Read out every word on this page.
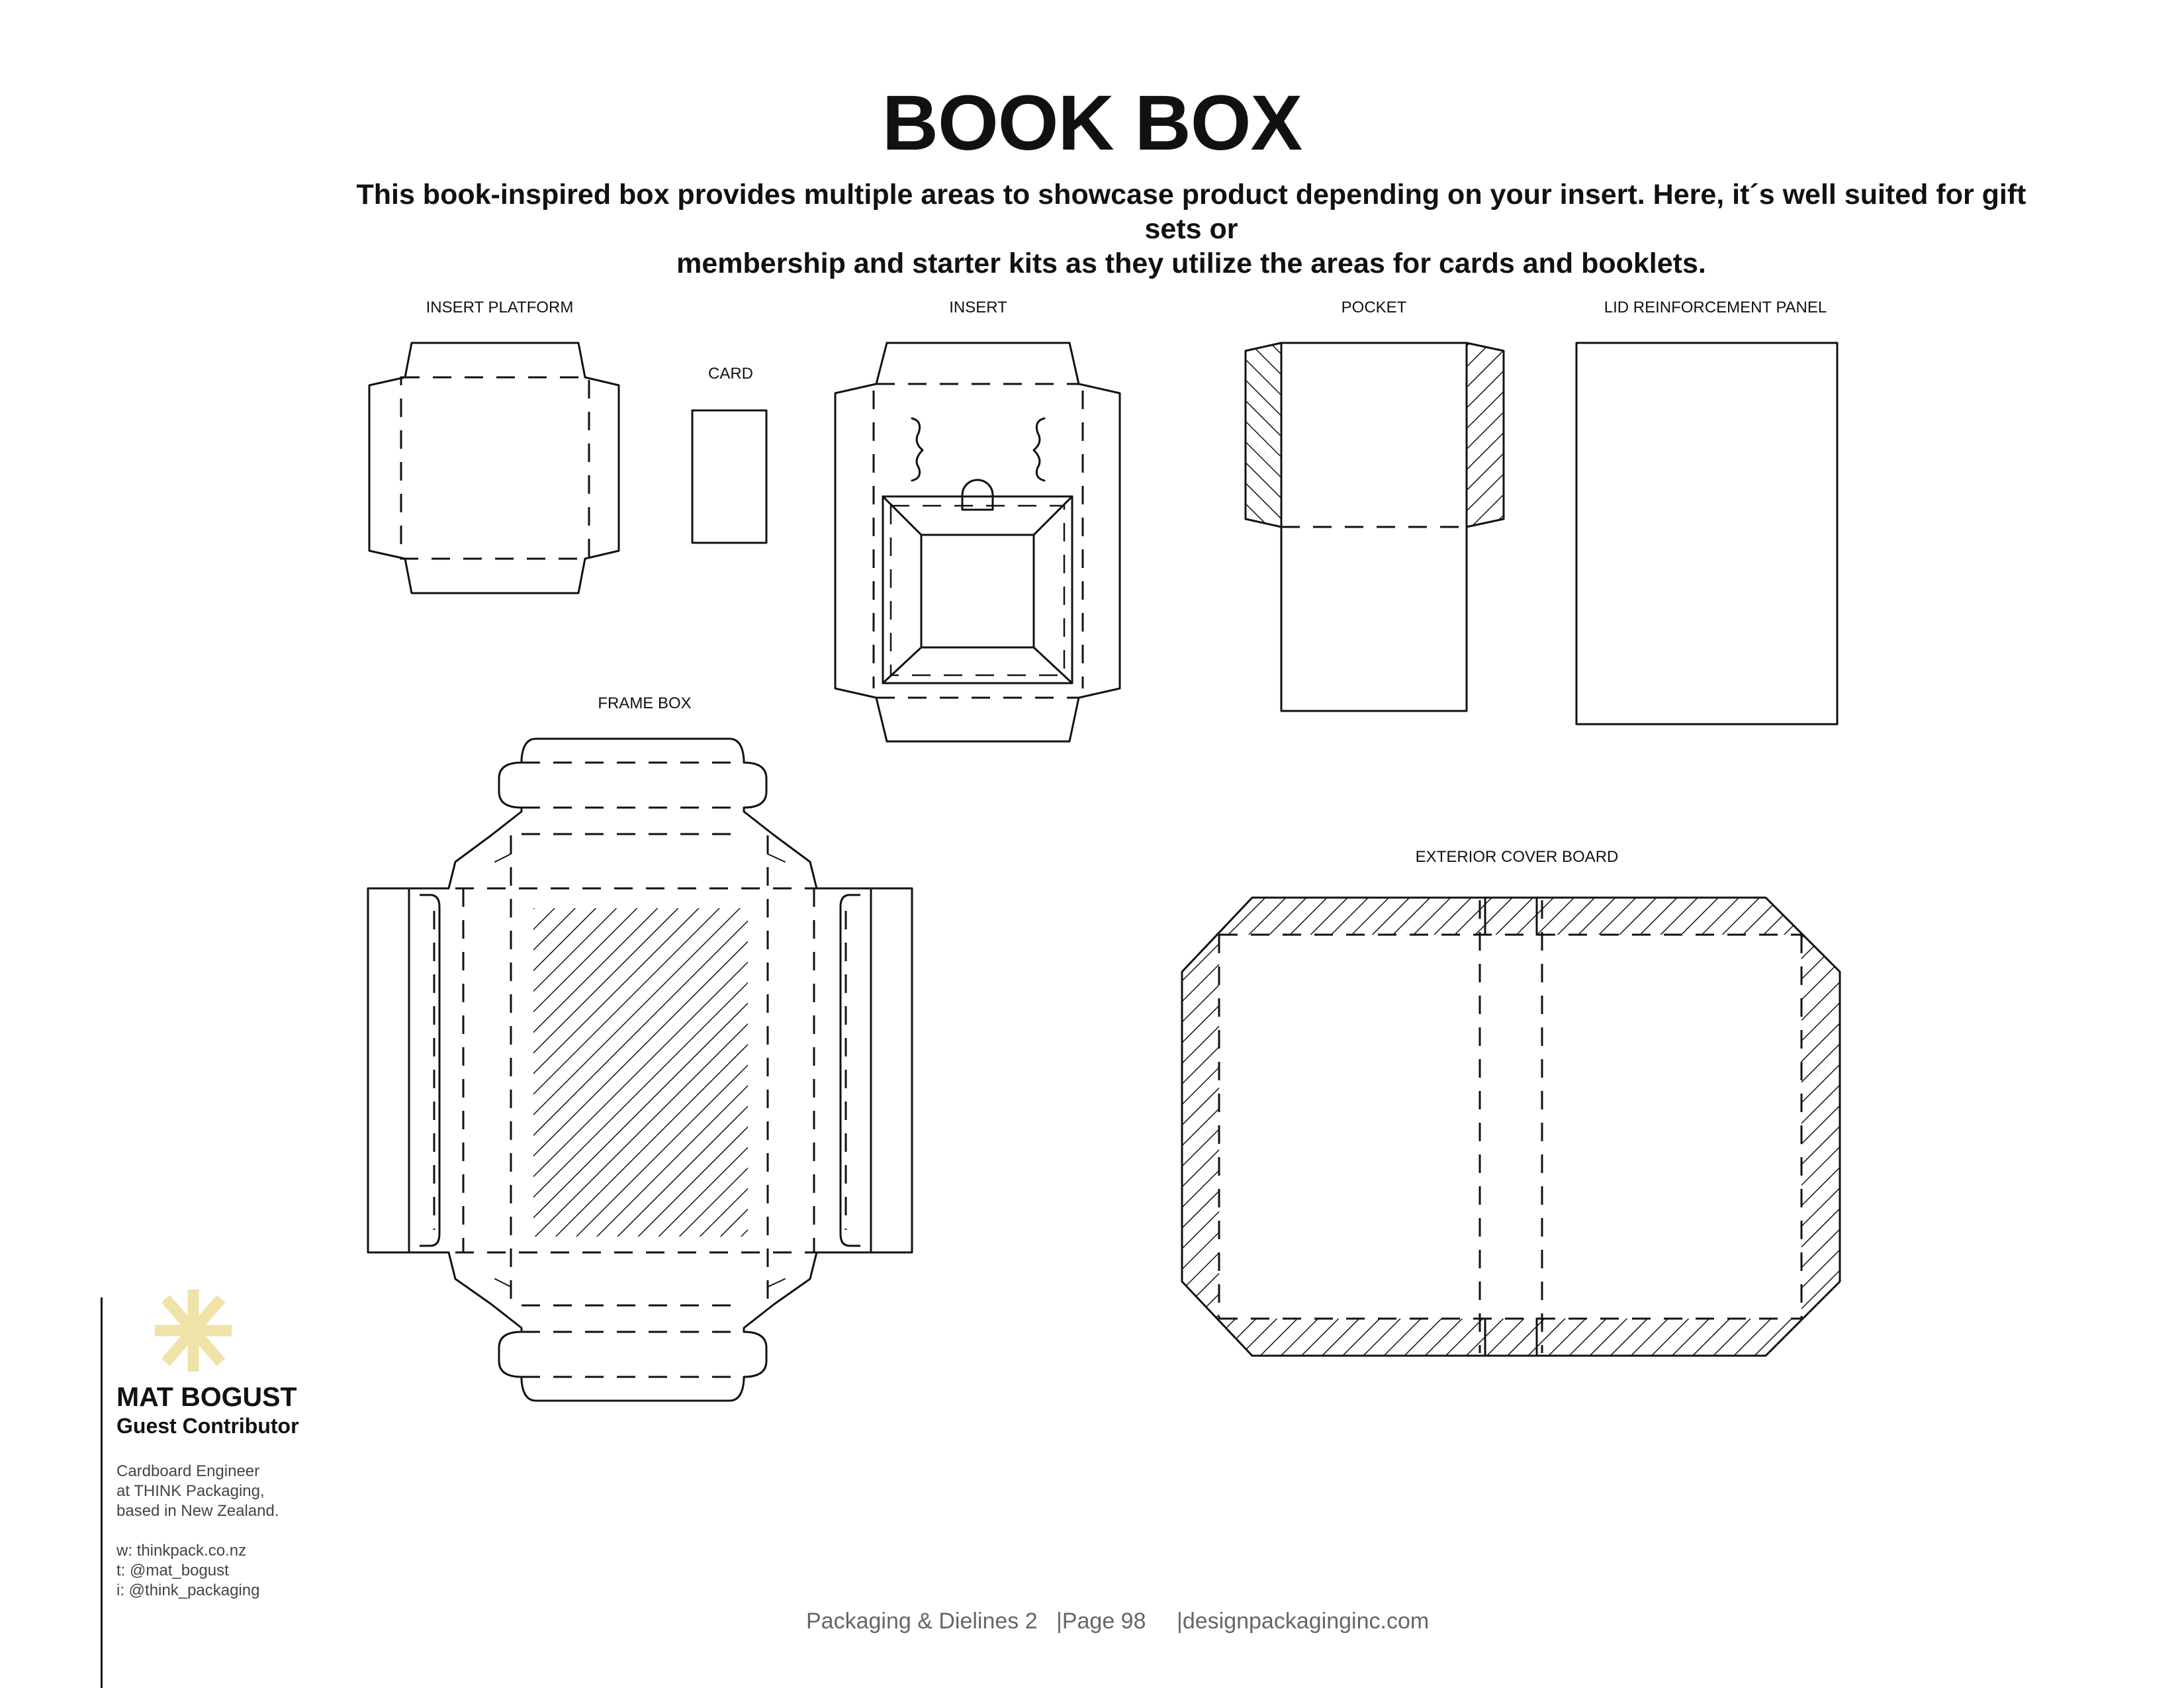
BOOK BOX
This book-inspired box provides multiple areas to showcase product depending on your insert. Here, it´s well suited for gift sets or
membership and starter kits as they utilize the areas for cards and booklets.
INSERT PLATFORM
CARD
INSERT	POCKET	LID REINFORCEMENT PANEL
FRAME BOX
EXTERIOR COVER BOARD
MAT BOGUST
Guest Contributor
Cardboard Engineer
at THINK Packaging,
based in New Zealand.
w: thinkpack.co.nz
t: @mat_bogust
i: @think_packaging
Packaging & Dielines 2 |Page 98 |designpackaginginc.com
